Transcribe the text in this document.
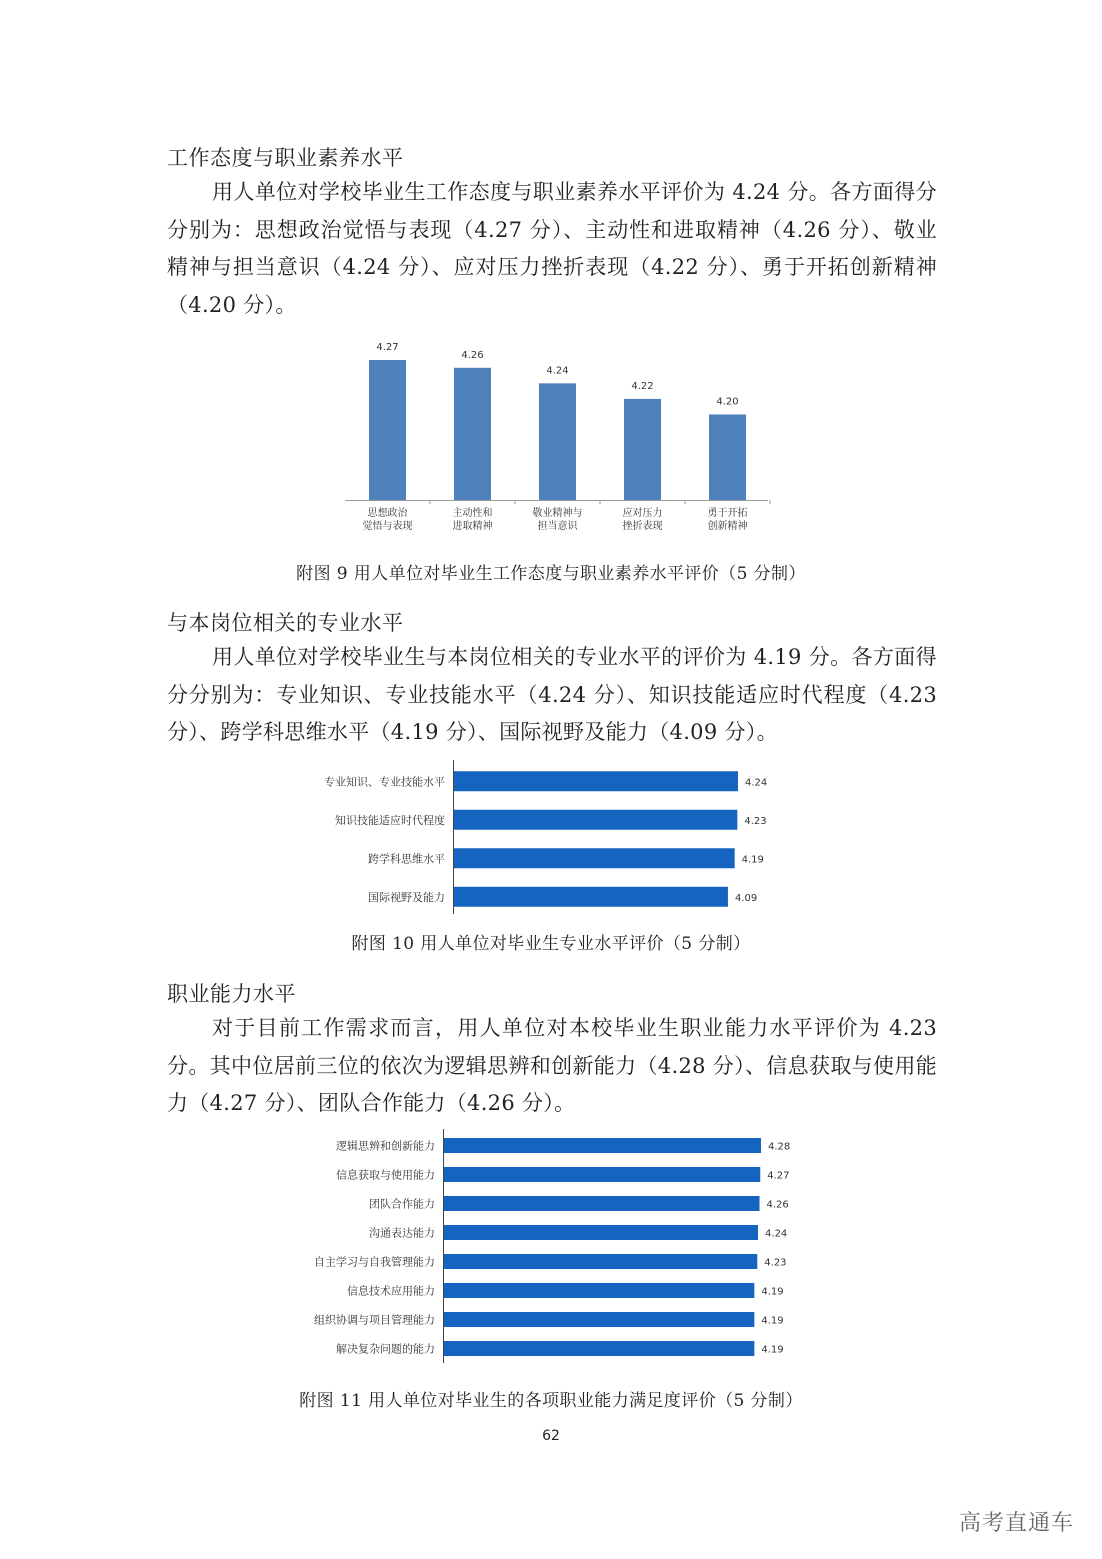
工作态度与职业素养水平
用人单位对学校毕业生工作态度与职业素养水平评价为 4.24 分。各方面得分分别为：思想政治觉悟与表现（4.27 分）、主动性和进取精神（4.26 分）、敬业精神与担当意识（4.24 分）、应对压力挫折表现（4.22 分）、勇于开拓创新精神（4.20 分）。
4.27
思想政治
觉悟与表现
4.26
主动性和
进取精神
4.24
敬业精神与
担当意识
4.22
应对压力
挫折表现
4.20
勇于开拓
创新精神
附图 9 用人单位对毕业生工作态度与职业素养水平评价（5 分制）
与本岗位相关的专业水平
用人单位对学校毕业生与本岗位相关的专业水平的评价为 4.19 分。各方面得分分别为：专业知识、专业技能水平（4.24 分）、知识技能适应时代程度（4.23 分）、跨学科思维水平（4.19 分）、国际视野及能力（4.09 分）。
专业知识、专业技能水平	4.24
知识技能适应时代程度	4.23
跨学科思维水平	4.19
国际视野及能力	4.09
附图 10 用人单位对毕业生专业水平评价（5 分制）
职业能力水平
对于目前工作需求而言，用人单位对本校毕业生职业能力水平评价为 4.23 分。其中位居前三位的依次为逻辑思辨和创新能力（4.28 分）、信息获取与使用能力（4.27 分）、团队合作能力（4.26 分）。
逻辑思辨和创新能力	4.28
信息获取与使用能力	4.27
团队合作能力	4.26
沟通表达能力	4.24
自主学习与自我管理能力	4.23
信息技术应用能力	4.19
组织协调与项目管理能力	4.19
解决复杂问题的能力	4.19
附图 11 用人单位对毕业生的各项职业能力满足度评价（5 分制）
62
高考直通车
